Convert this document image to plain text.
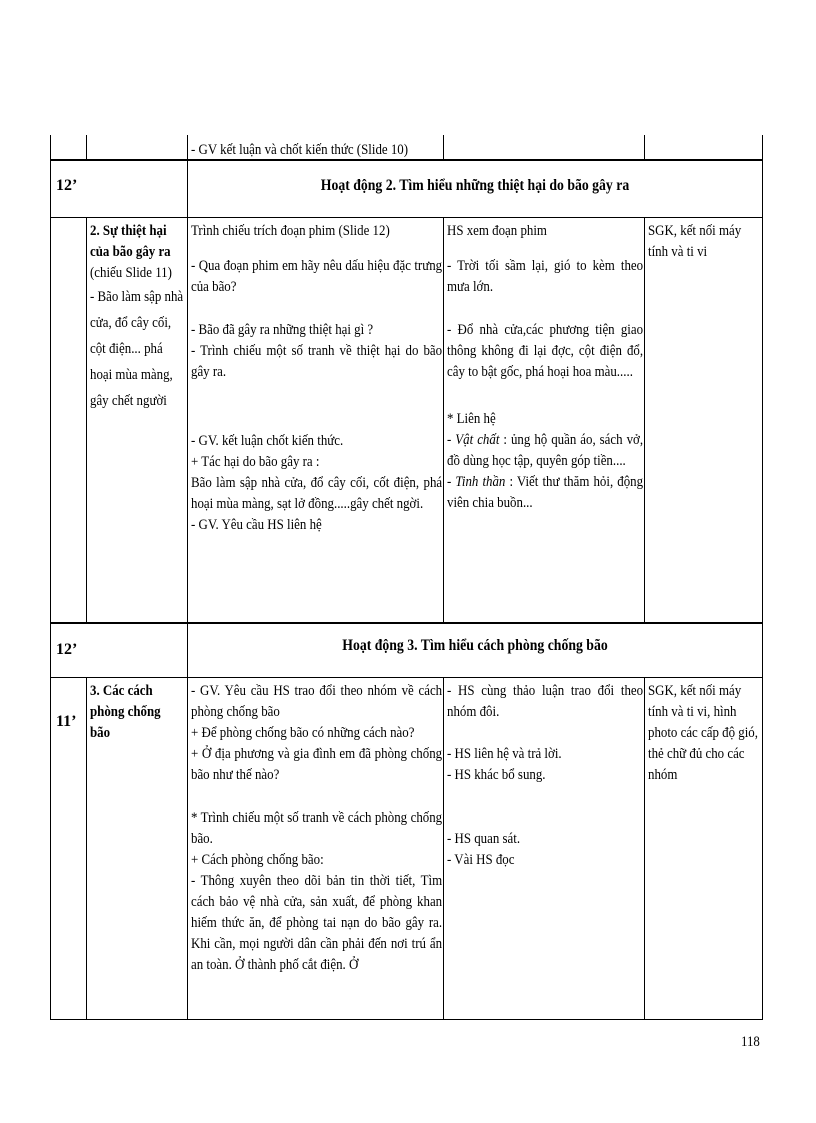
- GV kết luận và chốt kiến thức (Slide 10)
12’	Hoạt động 2. Tìm hiểu những thiệt hại do bão gây ra

2. Sự thiệt hại của bão gây ra

(chiếu Slide 11)

- Bão làm sập nhà cửa, đổ cây cối, cột điện... phá hoại mùa màng, gây chết người

Trình chiếu trích đoạn phim (Slide 12)

- Qua đoạn phim em hãy nêu dấu hiệu đặc trưng của bão?

- Bão đã gây ra những thiệt hại gì ?

- Trình chiếu một số tranh về thiệt hại do bão gây ra.

- GV. kết luận chốt kiến thức.

+ Tác hại do bão gây ra :

Bão làm sập nhà cửa, đổ cây cối, cốt điện, phá hoại mùa màng, sạt lở đồng.....gây chết ngời.

- GV. Yêu cầu HS liên hệ

HS xem đoạn phim

- Trời tối sầm lại, gió to kèm theo mưa lớn.

- Đổ nhà cửa,các phương tiện giao thông không đi lại đợc, cột điện đổ, cây to bật gốc, phá hoại hoa màu.....

* Liên hệ

- Vật chất : ủng hộ quần áo, sách vở, đồ dùng học tập, quyên góp tiền....

- Tinh thần : Viết thư thăm hỏi, động viên chia buồn...

SGK, kết nối máy tính và ti vi
12’	Hoạt động 3. Tìm hiểu cách phòng chống bão
11’
3. Các cách phòng chống bão

- GV. Yêu cầu HS trao đổi theo nhóm về cách phòng chống bão

+ Để phòng chống bão có những cách nào?

+ Ở địa phương và gia đình em đã phòng chống bão như thế nào?

* Trình chiếu một số tranh về cách phòng chống bão.

+ Cách phòng chống bão:

- Thông xuyên theo dõi bản tin thời tiết, Tìm cách bảo vệ nhà cửa, sản xuất, để phòng khan hiếm thức ăn, để phòng tai nạn do bão gây ra. Khi cần, mọi người dân cần phải đến nơi trú ẩn an toàn. Ở thành phố cắt điện. Ở

- HS cùng thảo luận trao đổi theo nhóm đôi.

- HS liên hệ và trả lời.

- HS khác bổ sung.

- HS quan sát.

- Vài HS đọc

SGK, kết nối máy tính và ti vi, hình photo các cấp độ gió, thẻ chữ đủ cho các nhóm
118
